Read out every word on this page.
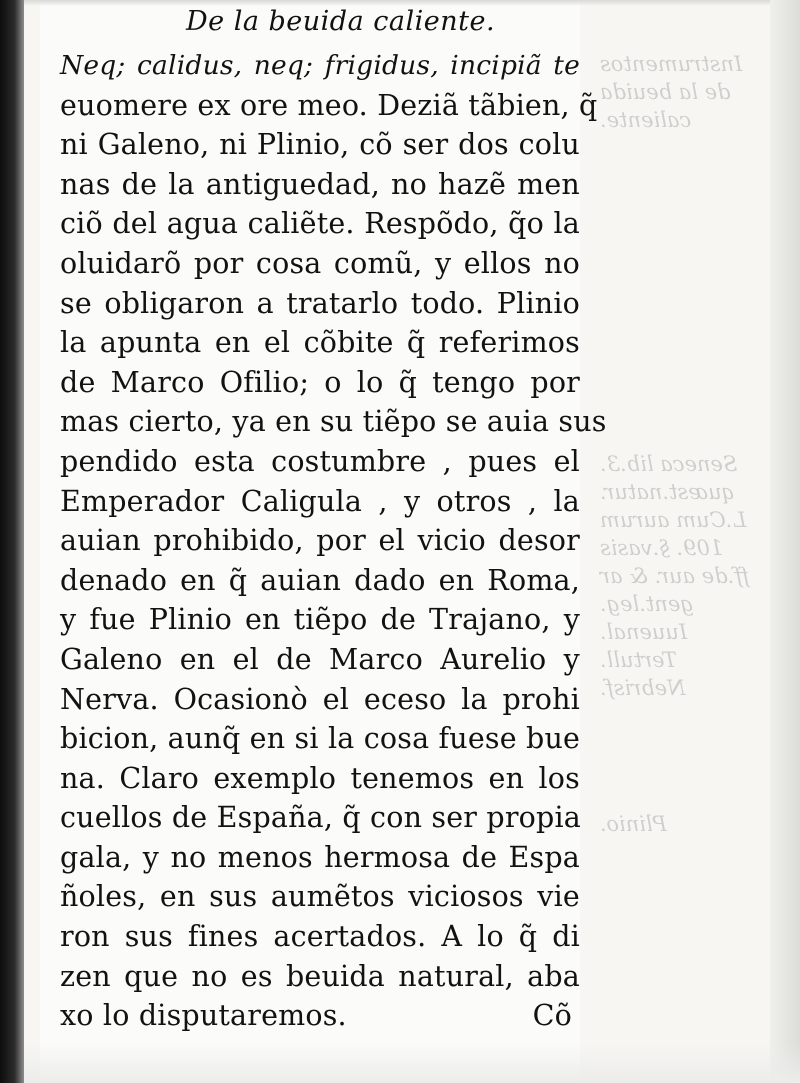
De la beuida caliente.
Neq; calidus, neq; frigidus, incipiã te
euomere ex ore meo. Deziã tãbien, q̃
ni Galeno, ni Plinio, cõ ser dos colu
nas de la antiguedad, no hazẽ men
ciõ del agua caliẽte. Respõdo, q̃o la
oluidarõ por cosa comũ, y ellos no
se obligaron a tratarlo todo. Plinio
la apunta en el cõbite q̃ referimos
de Marco Ofilio; o lo q̃ tengo por
mas cierto, ya en su tiẽpo se auia sus
pendido esta costumbre , pues el
Emperador Caligula , y otros , la
auian prohibido, por el vicio desor
denado en q̃ auian dado en Roma,
y fue Plinio en tiẽpo de Trajano, y
Galeno en el de Marco Aurelio y
Nerva. Ocasionò el eceso la prohi
bicion, aunq̃ en si la cosa fuese bue
na. Claro exemplo tenemos en los
cuellos de España, q̃ con ser propia
gala, y no menos hermosa de Espa
ñoles, en sus aumẽtos viciosos vie
ron sus fines acertados. A lo q̃ di
zen que no es beuida natural, aba
xo lo disputaremos.	Cõ
Instrumentos
de la beuida
caliente.
Seneca lib.3.
quæst.natur.
L.Cum aurum
109. §.vasis
ff.de aur. & ar
gent.leg.
Iuuenal.
Tertull.
Nebrisf.
Plinio.
